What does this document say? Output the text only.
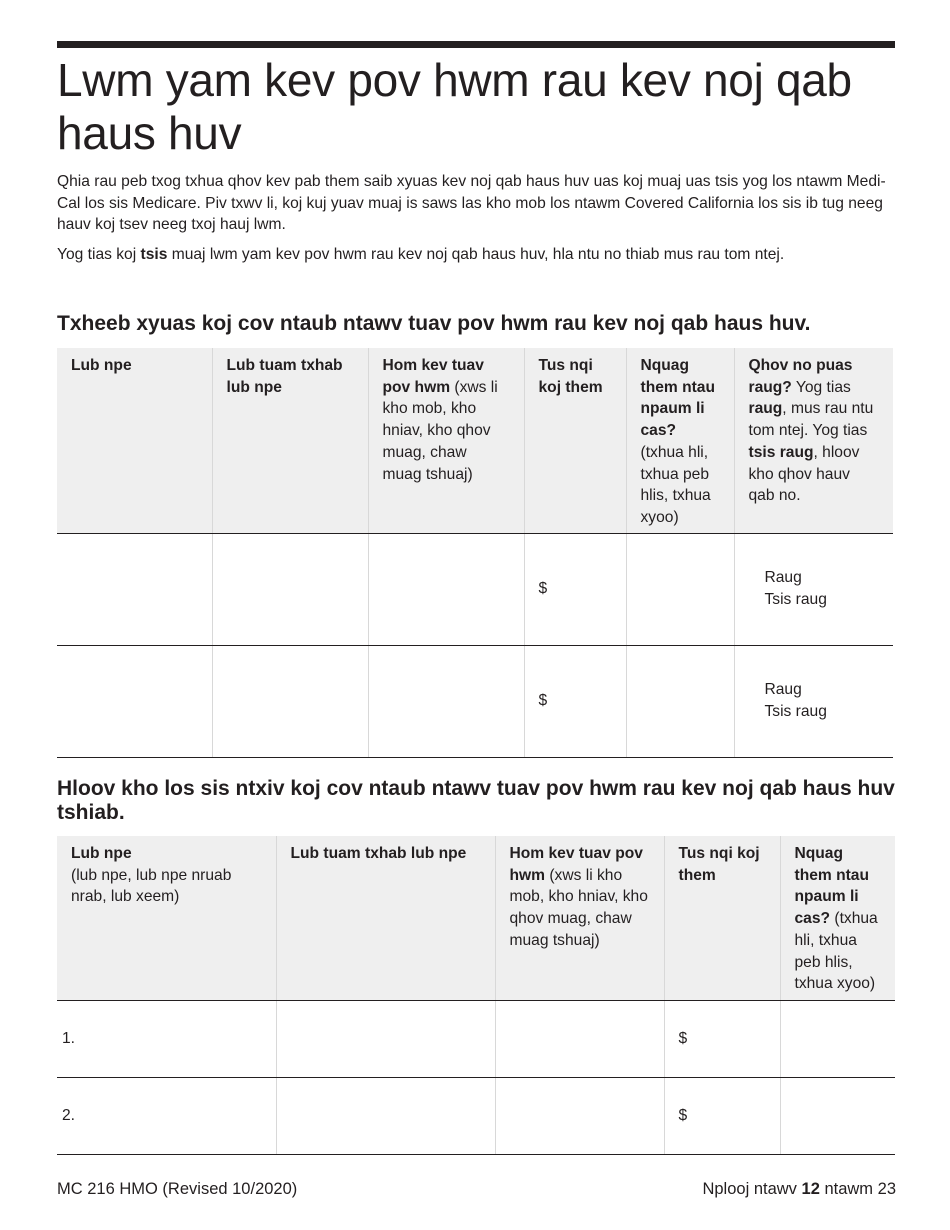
Lwm yam kev pov hwm rau kev noj qab haus huv

Qhia rau peb txog txhua qhov kev pab them saib xyuas kev noj qab haus huv uas koj muaj uas tsis yog los ntawm Medi-Cal los sis Medicare. Piv txwv li, koj kuj yuav muaj is saws las kho mob los ntawm Covered California los sis ib tug neeg hauv koj tsev neeg txoj hauj lwm.

Yog tias koj tsis muaj lwm yam kev pov hwm rau kev noj qab haus huv, hla ntu no thiab mus rau tom ntej.

Txheeb xyuas koj cov ntaub ntawv tuav pov hwm rau kev noj qab haus huv.
Lub npe	Lub tuam txhab lub npe	Hom kev tuav pov hwm (xws li kho mob, kho hniav, kho qhov muag, chaw muag tshuaj)	Tus nqi koj them	Nquag them ntau npaum li cas? (txhua hli, txhua peb hlis, txhua xyoo)	Qhov no puas raug? Yog tias raug, mus rau ntu tom ntej. Yog tias tsis raug, hloov kho qhov hauv qab no.
			$		Raug
Tsis raug

			$		Raug
Tsis raug
Hloov kho los sis ntxiv koj cov ntaub ntawv tuav pov hwm rau kev noj qab haus huv tshiab.
Lub npe
(lub npe, lub npe nruab nrab, lub xeem)	Lub tuam txhab lub npe	Hom kev tuav pov hwm (xws li kho mob, kho hniav, kho qhov muag, chaw muag tshuaj)	Tus nqi koj them	Nquag them ntau npaum li cas? (txhua hli, txhua peb hlis, txhua xyoo)
1.			$	
2.			$	
MC 216 HMO (Revised 10/2020)	Nplooj ntawv 12 ntawm 23
